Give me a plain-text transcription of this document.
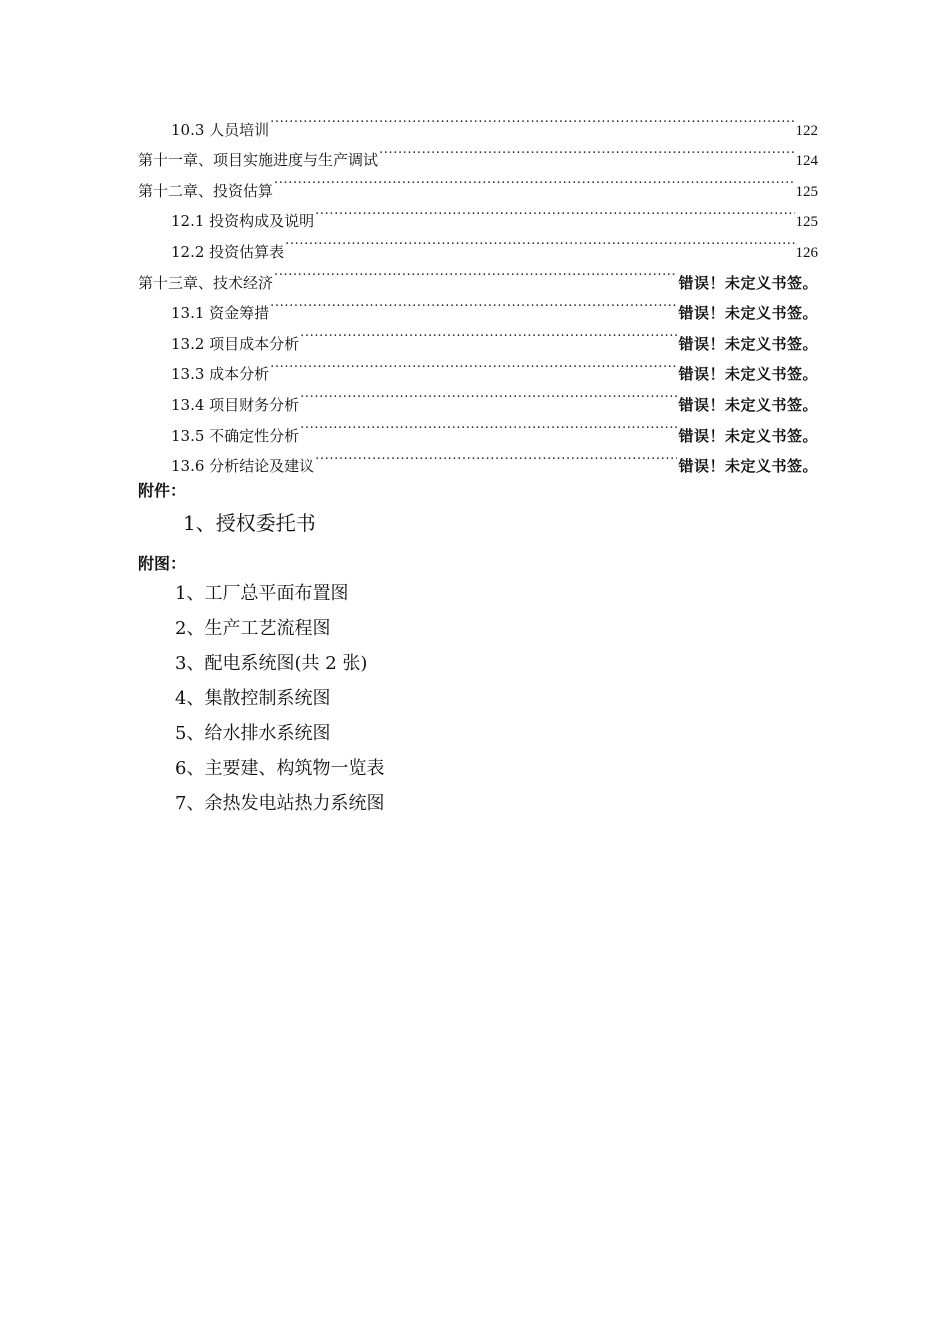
10.3 人员培训 .....	122
第十一章、项目实施进度与生产调试 .....	124
第十二章、投资估算 .....	125
12.1 投资构成及说明 .....	125
12.2 投资估算表 .....	126
第十三章、技术经济 .....	错误！未定义书签。
13.1 资金筹措 .....	错误！未定义书签。
13.2 项目成本分析 .....	错误！未定义书签。
13.3 成本分析 .....	错误！未定义书签。
13.4 项目财务分析 .....	错误！未定义书签。
13.5 不确定性分析 .....	错误！未定义书签。
13.6 分析结论及建议 .....	错误！未定义书签。
附件：
1、授权委托书
附图：
1、工厂总平面布置图
2、生产工艺流程图
3、配电系统图(共 2 张)
4、集散控制系统图
5、给水排水系统图
6、主要建、构筑物一览表
7、余热发电站热力系统图
